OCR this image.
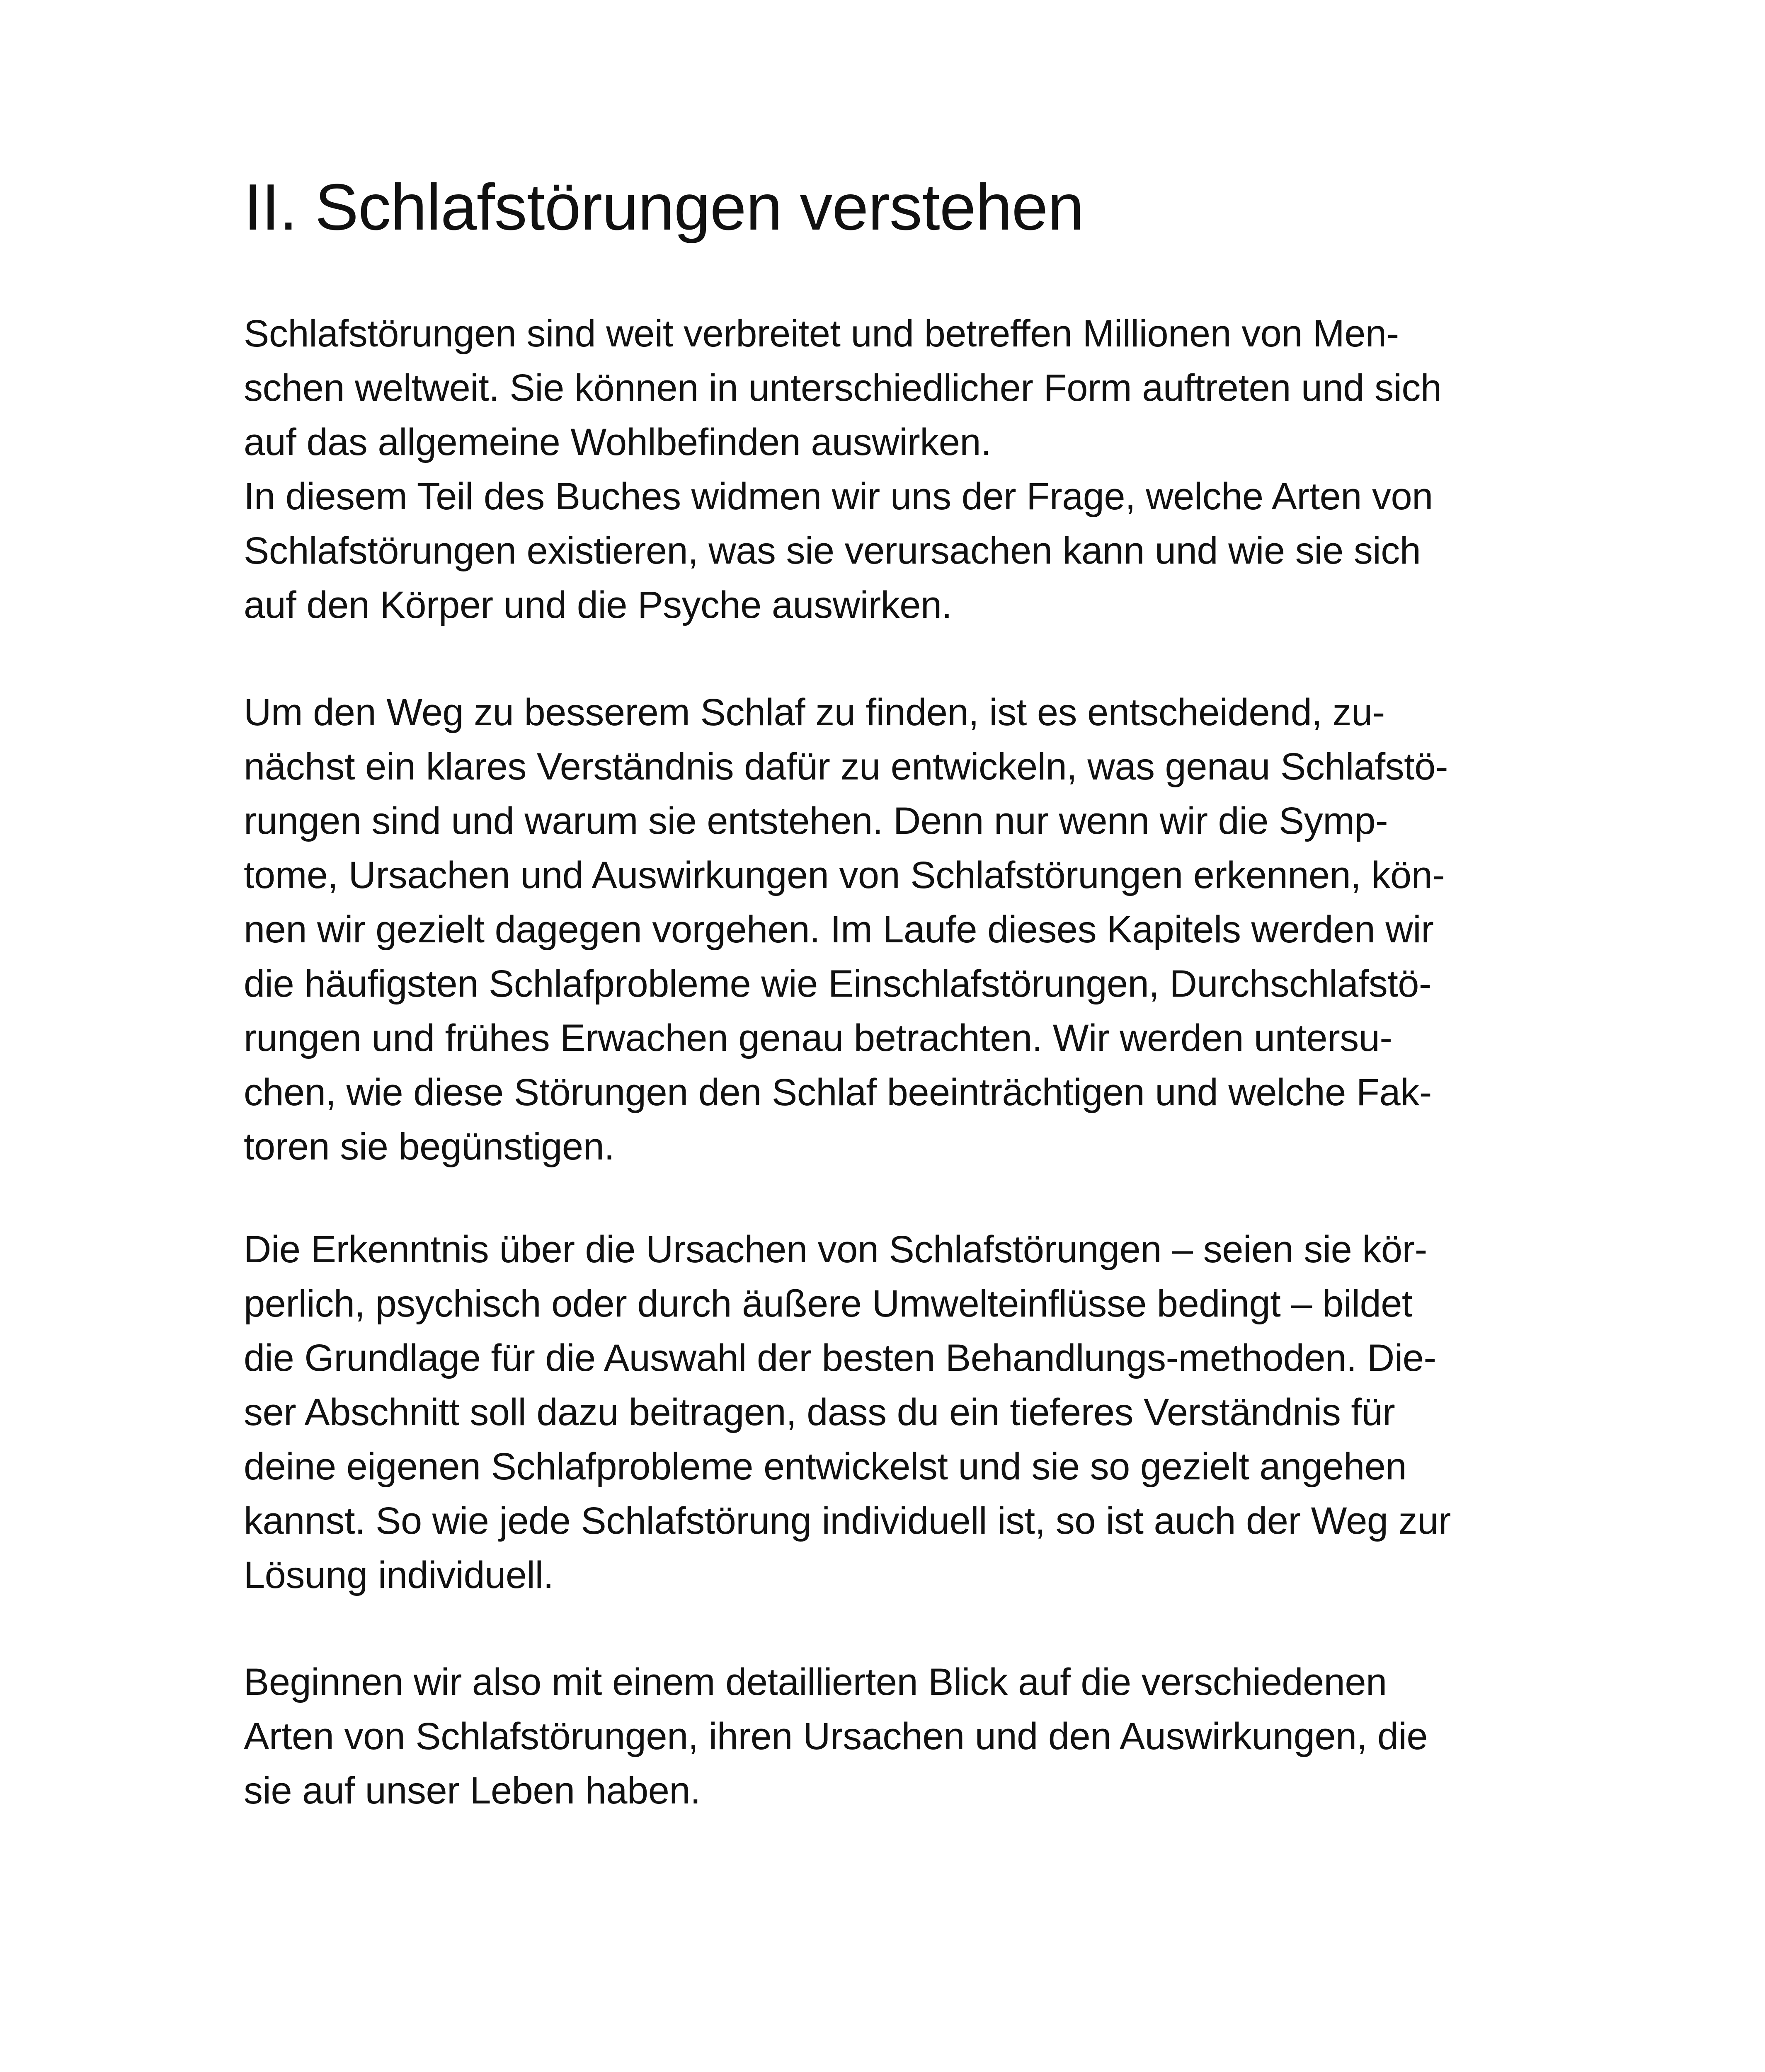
II. Schlafstörungen verstehen
Schlafstörungen sind weit verbreitet und betreffen Millionen von Men-
schen weltweit. Sie können in unterschiedlicher Form auftreten und sich
auf das allgemeine Wohlbefinden auswirken.
In diesem Teil des Buches widmen wir uns der Frage, welche Arten von
Schlafstörungen existieren, was sie verursachen kann und wie sie sich
auf den Körper und die Psyche auswirken.
Um den Weg zu besserem Schlaf zu finden, ist es entscheidend, zu-
nächst ein klares Verständnis dafür zu entwickeln, was genau Schlafstö-
rungen sind und warum sie entstehen. Denn nur wenn wir die Symp-
tome, Ursachen und Auswirkungen von Schlafstörungen erkennen, kön-
nen wir gezielt dagegen vorgehen. Im Laufe dieses Kapitels werden wir
die häufigsten Schlafprobleme wie Einschlafstörungen, Durchschlafstö-
rungen und frühes Erwachen genau betrachten. Wir werden untersu-
chen, wie diese Störungen den Schlaf beeinträchtigen und welche Fak-
toren sie begünstigen.
Die Erkenntnis über die Ursachen von Schlafstörungen – seien sie kör-
perlich, psychisch oder durch äußere Umwelteinflüsse bedingt – bildet
die Grundlage für die Auswahl der besten Behandlungs-methoden. Die-
ser Abschnitt soll dazu beitragen, dass du ein tieferes Verständnis für
deine eigenen Schlafprobleme entwickelst und sie so gezielt angehen
kannst. So wie jede Schlafstörung individuell ist, so ist auch der Weg zur
Lösung individuell.
Beginnen wir also mit einem detaillierten Blick auf die verschiedenen
Arten von Schlafstörungen, ihren Ursachen und den Auswirkungen, die
sie auf unser Leben haben.
